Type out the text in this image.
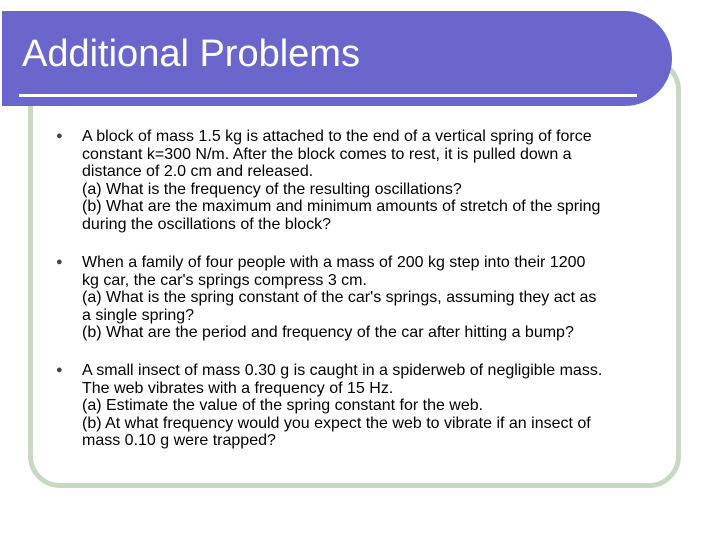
Additional Problems
● A block of mass 1.5 kg is attached to the end of a vertical spring of force
constant k=300 N/m. After the block comes to rest, it is pulled down a
distance of 2.0 cm and released.
(a) What is the frequency of the resulting oscillations?
(b) What are the maximum and minimum amounts of stretch of the spring
during the oscillations of the block?
● When a family of four people with a mass of 200 kg step into their 1200
kg car, the car's springs compress 3 cm.
(a) What is the spring constant of the car's springs, assuming they act as
a single spring?
(b) What are the period and frequency of the car after hitting a bump?
● A small insect of mass 0.30 g is caught in a spiderweb of negligible mass.
The web vibrates with a frequency of 15 Hz.
(a) Estimate the value of the spring constant for the web.
(b) At what frequency would you expect the web to vibrate if an insect of
mass 0.10 g were trapped?
